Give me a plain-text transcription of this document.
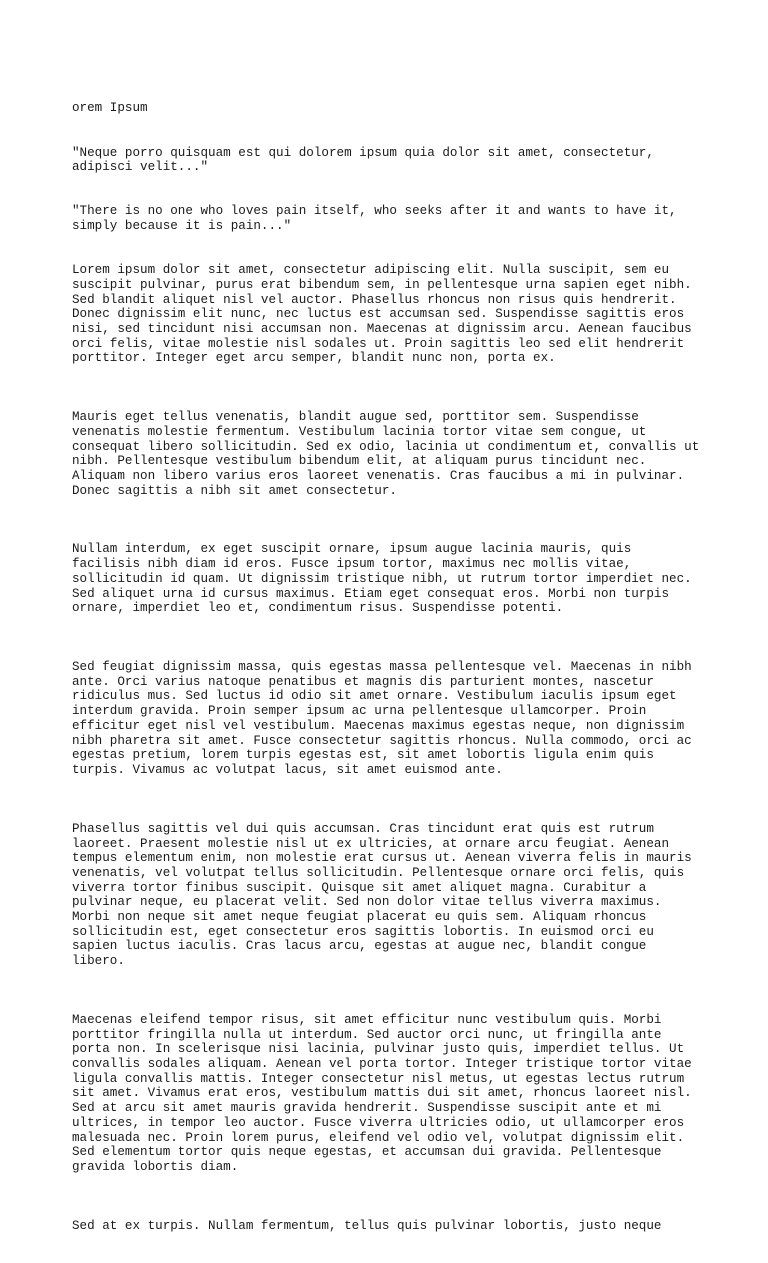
orem Ipsum

"Neque porro quisquam est qui dolorem ipsum quia dolor sit amet, consectetur,
adipisci velit..."

"There is no one who loves pain itself, who seeks after it and wants to have it,
simply because it is pain..."

Lorem ipsum dolor sit amet, consectetur adipiscing elit. Nulla suscipit, sem eu
suscipit pulvinar, purus erat bibendum sem, in pellentesque urna sapien eget nibh.
Sed blandit aliquet nisl vel auctor. Phasellus rhoncus non risus quis hendrerit.
Donec dignissim elit nunc, nec luctus est accumsan sed. Suspendisse sagittis eros
nisi, sed tincidunt nisi accumsan non. Maecenas at dignissim arcu. Aenean faucibus
orci felis, vitae molestie nisl sodales ut. Proin sagittis leo sed elit hendrerit
porttitor. Integer eget arcu semper, blandit nunc non, porta ex.

Mauris eget tellus venenatis, blandit augue sed, porttitor sem. Suspendisse
venenatis molestie fermentum. Vestibulum lacinia tortor vitae sem congue, ut
consequat libero sollicitudin. Sed ex odio, lacinia ut condimentum et, convallis ut
nibh. Pellentesque vestibulum bibendum elit, at aliquam purus tincidunt nec.
Aliquam non libero varius eros laoreet venenatis. Cras faucibus a mi in pulvinar.
Donec sagittis a nibh sit amet consectetur.

Nullam interdum, ex eget suscipit ornare, ipsum augue lacinia mauris, quis
facilisis nibh diam id eros. Fusce ipsum tortor, maximus nec mollis vitae,
sollicitudin id quam. Ut dignissim tristique nibh, ut rutrum tortor imperdiet nec.
Sed aliquet urna id cursus maximus. Etiam eget consequat eros. Morbi non turpis
ornare, imperdiet leo et, condimentum risus. Suspendisse potenti.

Sed feugiat dignissim massa, quis egestas massa pellentesque vel. Maecenas in nibh
ante. Orci varius natoque penatibus et magnis dis parturient montes, nascetur
ridiculus mus. Sed luctus id odio sit amet ornare. Vestibulum iaculis ipsum eget
interdum gravida. Proin semper ipsum ac urna pellentesque ullamcorper. Proin
efficitur eget nisl vel vestibulum. Maecenas maximus egestas neque, non dignissim
nibh pharetra sit amet. Fusce consectetur sagittis rhoncus. Nulla commodo, orci ac
egestas pretium, lorem turpis egestas est, sit amet lobortis ligula enim quis
turpis. Vivamus ac volutpat lacus, sit amet euismod ante.

Phasellus sagittis vel dui quis accumsan. Cras tincidunt erat quis est rutrum
laoreet. Praesent molestie nisl ut ex ultricies, at ornare arcu feugiat. Aenean
tempus elementum enim, non molestie erat cursus ut. Aenean viverra felis in mauris
venenatis, vel volutpat tellus sollicitudin. Pellentesque ornare orci felis, quis
viverra tortor finibus suscipit. Quisque sit amet aliquet magna. Curabitur a
pulvinar neque, eu placerat velit. Sed non dolor vitae tellus viverra maximus.
Morbi non neque sit amet neque feugiat placerat eu quis sem. Aliquam rhoncus
sollicitudin est, eget consectetur eros sagittis lobortis. In euismod orci eu
sapien luctus iaculis. Cras lacus arcu, egestas at augue nec, blandit congue
libero.

Maecenas eleifend tempor risus, sit amet efficitur nunc vestibulum quis. Morbi
porttitor fringilla nulla ut interdum. Sed auctor orci nunc, ut fringilla ante
porta non. In scelerisque nisi lacinia, pulvinar justo quis, imperdiet tellus. Ut
convallis sodales aliquam. Aenean vel porta tortor. Integer tristique tortor vitae
ligula convallis mattis. Integer consectetur nisl metus, ut egestas lectus rutrum
sit amet. Vivamus erat eros, vestibulum mattis dui sit amet, rhoncus laoreet nisl.
Sed at arcu sit amet mauris gravida hendrerit. Suspendisse suscipit ante et mi
ultrices, in tempor leo auctor. Fusce viverra ultricies odio, ut ullamcorper eros
malesuada nec. Proin lorem purus, eleifend vel odio vel, volutpat dignissim elit.
Sed elementum tortor quis neque egestas, et accumsan dui gravida. Pellentesque
gravida lobortis diam.

Sed at ex turpis. Nullam fermentum, tellus quis pulvinar lobortis, justo neque
